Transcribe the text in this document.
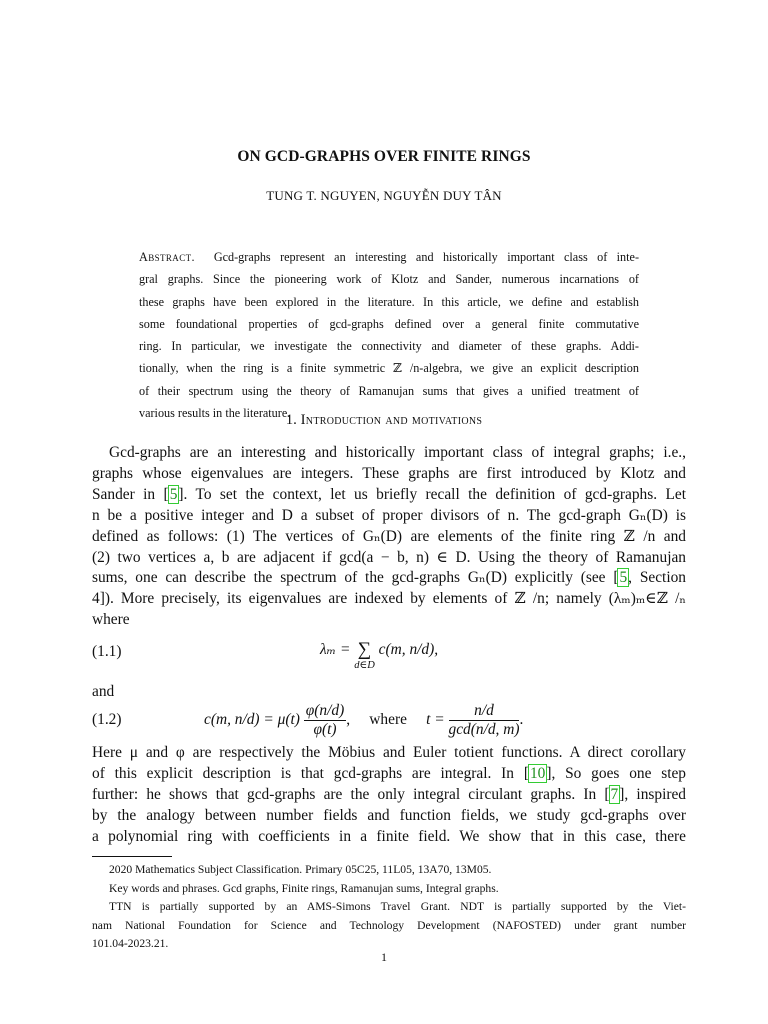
ON GCD-GRAPHS OVER FINITE RINGS
TUNG T. NGUYEN, NGUYỄN DUY TÂN
Abstract. Gcd-graphs represent an interesting and historically important class of inte-
gral graphs. Since the pioneering work of Klotz and Sander, numerous incarnations of
these graphs have been explored in the literature. In this article, we define and establish
some foundational properties of gcd-graphs defined over a general finite commutative
ring. In particular, we investigate the connectivity and diameter of these graphs. Addi-
tionally, when the ring is a finite symmetric ℤ /n-algebra, we give an explicit description
of their spectrum using the theory of Ramanujan sums that gives a unified treatment of
various results in the literature.
1. Introduction and motivations
Gcd-graphs are an interesting and historically important class of integral graphs; i.e.,
graphs whose eigenvalues are integers. These graphs are first introduced by Klotz and
Sander in [5]. To set the context, let us briefly recall the definition of gcd-graphs. Let
n be a positive integer and D a subset of proper divisors of n. The gcd-graph Gₙ(D) is
defined as follows: (1) The vertices of Gₙ(D) are elements of the finite ring ℤ /n and
(2) two vertices a, b are adjacent if gcd(a − b, n) ∈ D. Using the theory of Ramanujan
sums, one can describe the spectrum of the gcd-graphs Gₙ(D) explicitly (see [5, Section
4]). More precisely, its eigenvalues are indexed by elements of ℤ /n; namely (λₘ)ₘ∈ℤ /ₙ
where
(1.1)	λₘ = ∑
d∈D
c(m, n/d),
and
(1.2)	c(m, $n/d) = \mu(t) \frac{\varphi(n/d)}{\varphi(t)}$ ,     where $t = \frac{n/d}{\gcd(n/d, m)}$ .
Here μ and φ are respectively the Möbius and Euler totient functions. A direct corollary
of this explicit description is that gcd-graphs are integral. In [10], So goes one step
further: he shows that gcd-graphs are the only integral circulant graphs. In [7], inspired
by the analogy between number fields and function fields, we study gcd-graphs over
a polynomial ring with coefficients in a finite field. We show that in this case, there
2020 Mathematics Subject Classification. Primary 05C25, 11L05, 13A70, 13M05.
Key words and phrases. Gcd graphs, Finite rings, Ramanujan sums, Integral graphs.
TTN is partially supported by an AMS-Simons Travel Grant. NDT is partially supported by the Viet-
nam National Foundation for Science and Technology Development (NAFOSTED) under grant number
101.04-2023.21.
1
